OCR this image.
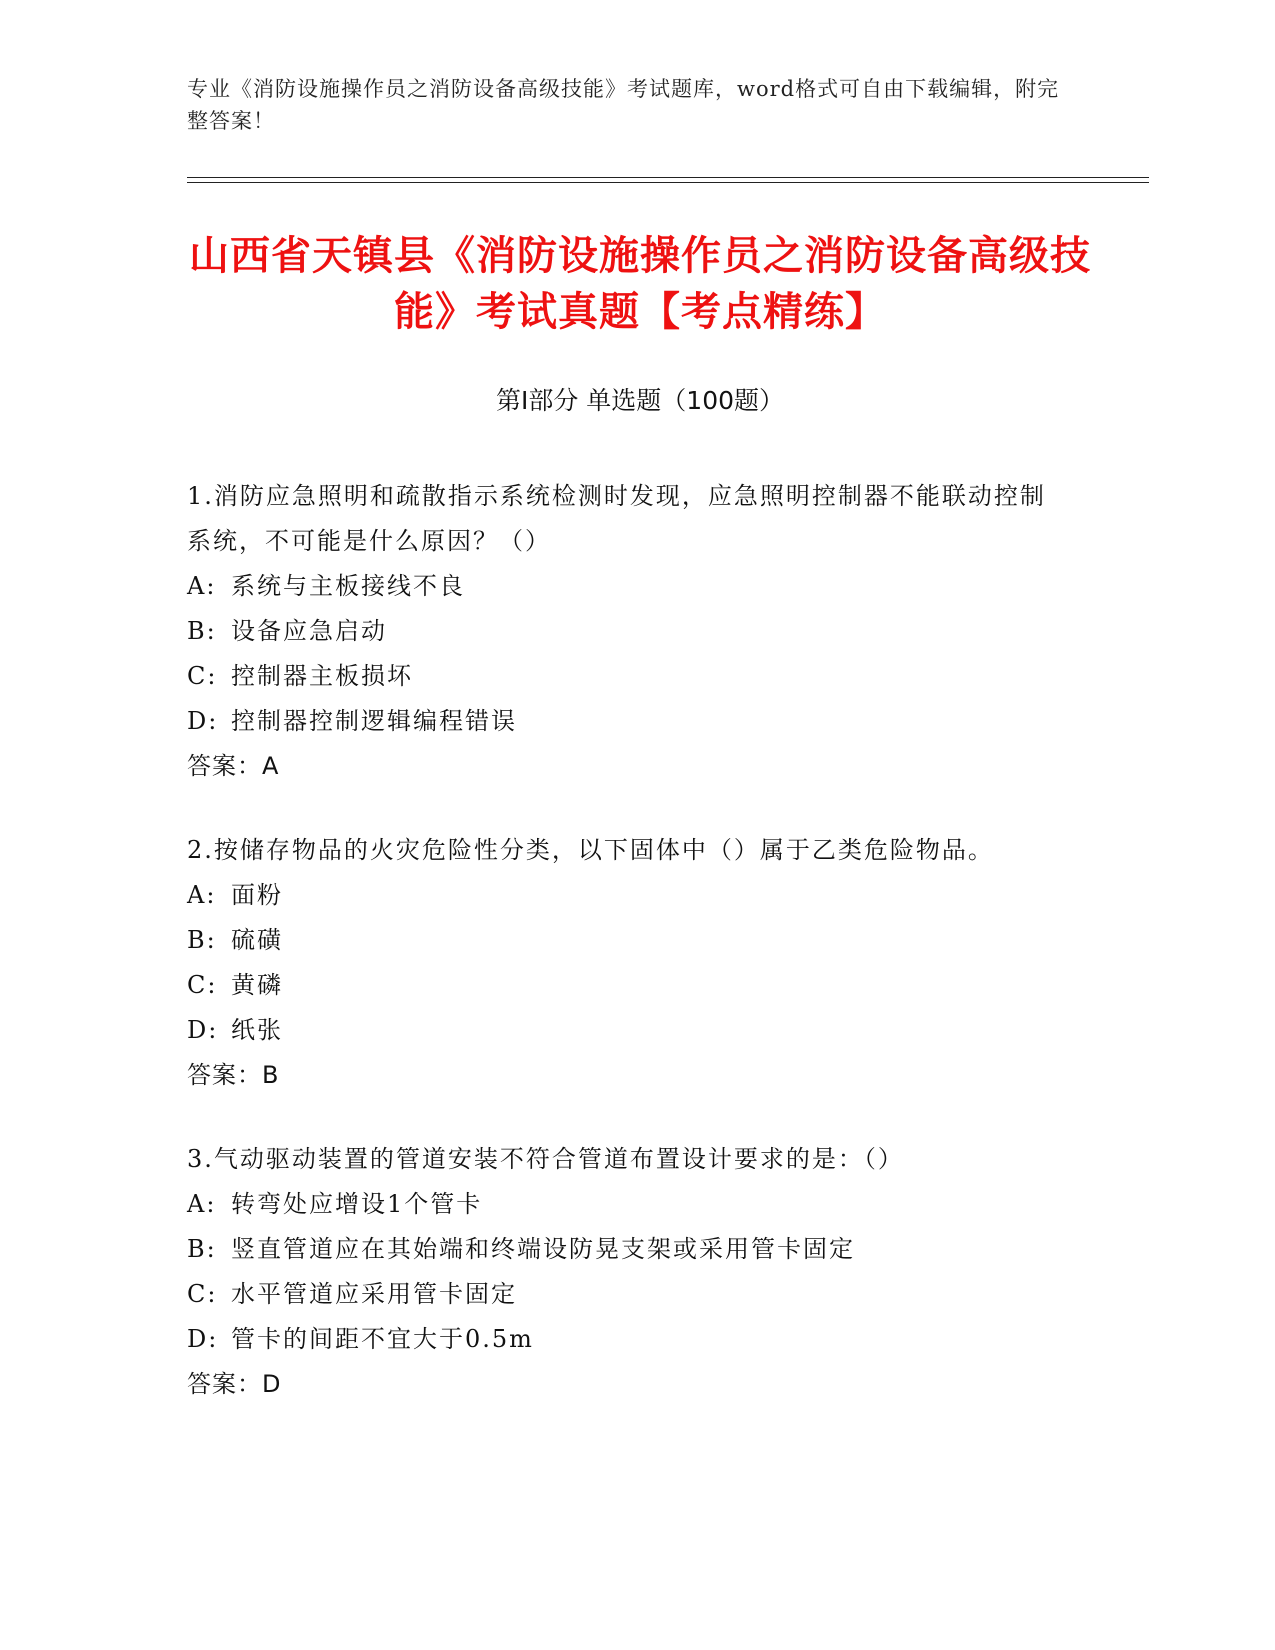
专业《消防设施操作员之消防设备高级技能》考试题库，word格式可自由下载编辑，附完整答案！
山西省天镇县《消防设施操作员之消防设备高级技能》考试真题【考点精练】
第Ⅰ部分 单选题（100题）
1.消防应急照明和疏散指示系统检测时发现，应急照明控制器不能联动控制系统，不可能是什么原因？（）
A: 系统与主板接线不良
B: 设备应急启动
C: 控制器主板损坏
D: 控制器控制逻辑编程错误
答案：A
2.按储存物品的火灾危险性分类，以下固体中（）属于乙类危险物品。
A: 面粉
B: 硫磺
C: 黄磷
D: 纸张
答案：B
3.气动驱动装置的管道安装不符合管道布置设计要求的是：（）
A: 转弯处应增设1个管卡
B: 竖直管道应在其始端和终端设防晃支架或采用管卡固定
C: 水平管道应采用管卡固定
D: 管卡的间距不宜大于0.5m
答案：D
